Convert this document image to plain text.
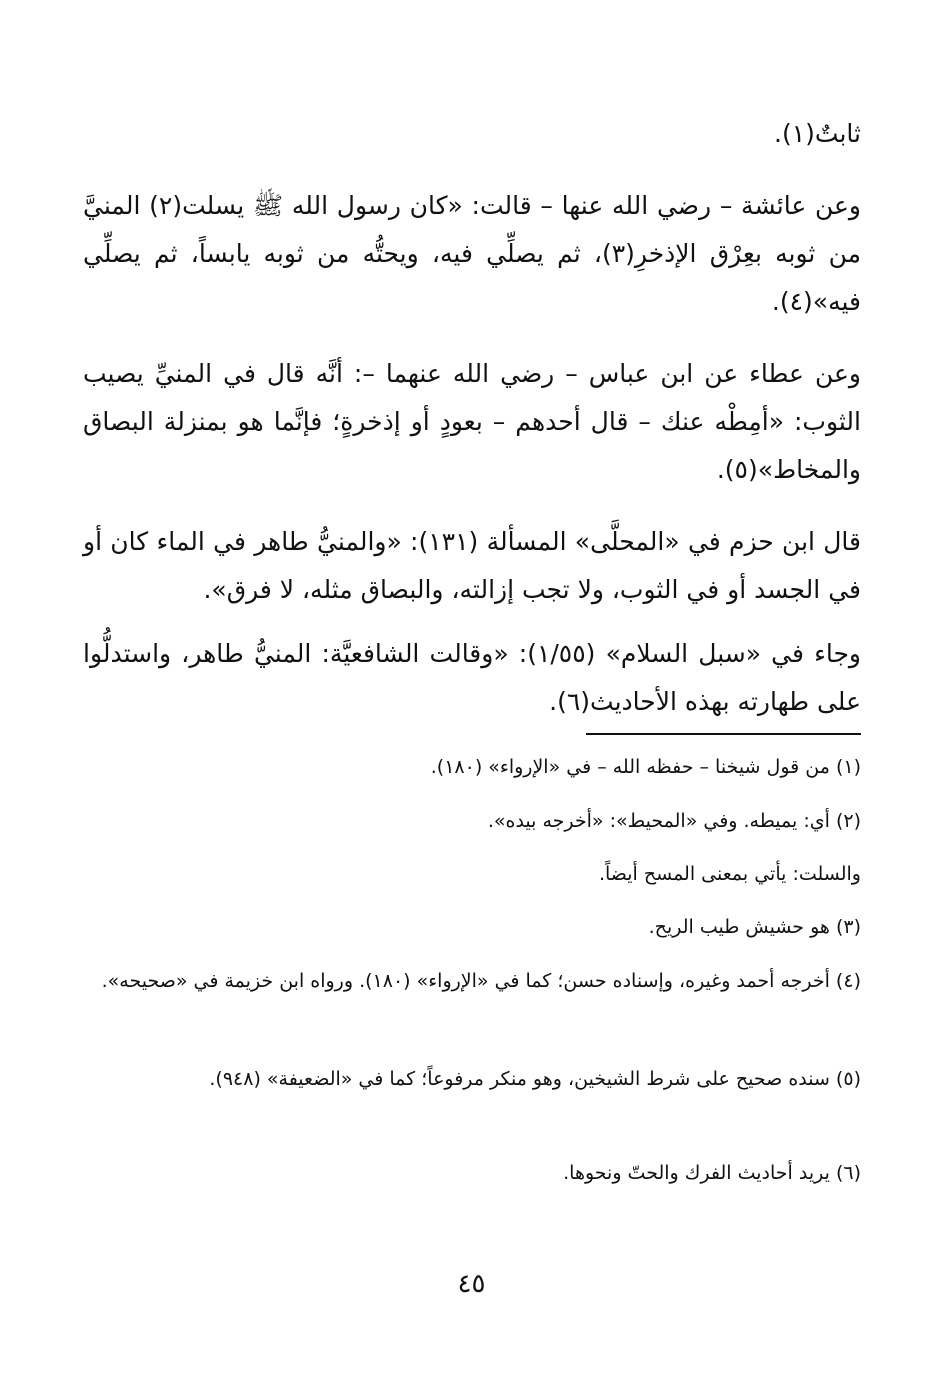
ثابتٌ(١).
وعن عائشة – رضي الله عنها – قالت: «كان رسول الله ﷺ يسلت(٢) المنيَّ من ثوبه بعِرْق الإذخرِ(٣)، ثم يصلِّي فيه، ويحتُّه من ثوبه يابساً، ثم يصلِّي فيه»(٤).
وعن عطاء عن ابن عباس – رضي الله عنهما –: أنَّه قال في المنيِّ يصيب الثوب: «أمِطْه عنك – قال أحدهم – بعودٍ أو إذخرةٍ؛ فإنَّما هو بمنزلة البصاق والمخاط»(٥).
قال ابن حزم في «المحلَّى» المسألة (١٣١): «والمنيُّ طاهر في الماء كان أو في الجسد أو في الثوب، ولا تجب إزالته، والبصاق مثله، لا فرق».
وجاء في «سبل السلام» (١/٥٥): «وقالت الشافعيَّة: المنيُّ طاهر، واستدلُّوا على طهارته بهذه الأحاديث(٦).
(١) من قول شيخنا – حفظه الله – في «الإرواء» (١٨٠).
(٢) أي: يميطه. وفي «المحيط»: «أخرجه بيده».
والسلت: يأتي بمعنى المسح أيضاً.
(٣) هو حشيش طيب الريح.
(٤) أخرجه أحمد وغيره، وإسناده حسن؛ كما في «الإرواء» (١٨٠). ورواه ابن خزيمة في «صحيحه».
(٥) سنده صحيح على شرط الشيخين، وهو منكر مرفوعاً؛ كما في «الضعيفة» (٩٤٨).
(٦) يريد أحاديث الفرك والحتّ ونحوها.
٤٥
